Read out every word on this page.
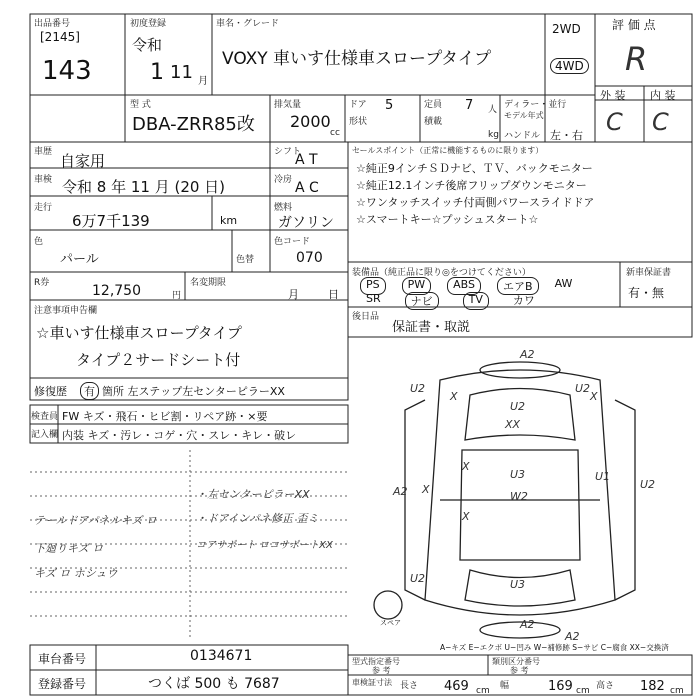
A2
U2
XX
U3
W2
U3
A2
U2	U2
A2
U2
U2
X	X
X
X
X
U1
A2
出品番号
[2145]
143
初度登録
令和
1 11 月
車名・グレード
VOXY 車いす仕様車スロープタイプ
2WD
4WD
評 価 点
R
外 装 内 装
C C
型 式
DBA-ZRR85改
排気量
2000
cc
ドア 5
形状
定員 7 人
積載
kg
ディラー・並行
モデル年式
ハンドル 左・右
車歴 自家用
車検 令和 8 年 11 月 (20 日)
走行
6万7千139	km
色
パール	色替
シフト
A T
冷房 A C
燃料
ガソリン
色コード
070
R券	12,750	円
名変期限
月	日
セールスポイント（正常に機能するものに限ります）
☆純正9インチＳＤナビ、ＴＶ、バックモニター
☆純正12.1インチ後席フリップダウンモニター
☆ワンタッチスイッチ付両側パワースライドドア
☆スマートキー☆プッシュスタート☆
装備品（純正品に限り◎をつけてください）
PS	PW	ABS	エアB	AW
SR	ナビ	TV	カワ
新車保証書
有・無
後日品
保証書・取説
注意事項申告欄
☆車いす仕様車スロープタイプ
タイプ２サードシート付
修復歴	有 箇所 左ステップ左センターピラーXX
検査員
記入欄
FW キズ・飛石・ヒビ割・リペア跡・×要
内装 キズ・汚レ・コゲ・穴・スレ・キレ・破レ
テールドアパネルキズ ロ
下廻りキズ ロ
キズ ロ ホシュウ
・左センターピラーXX
・ドアインパネ修正 歪ミ
コアサポート ロコサポートXX
スペア
A−キズ E−エクボ U−凹み W−補修跡 S−サビ C−腐食 XX−交換済
車台番号	0134671
登録番号	つくば 500 も 7687
型式指定番号
参 考
類別区分番号
参 考
車検証寸法 長さ 469 cm 幅	169 cm 高さ 182 cm
